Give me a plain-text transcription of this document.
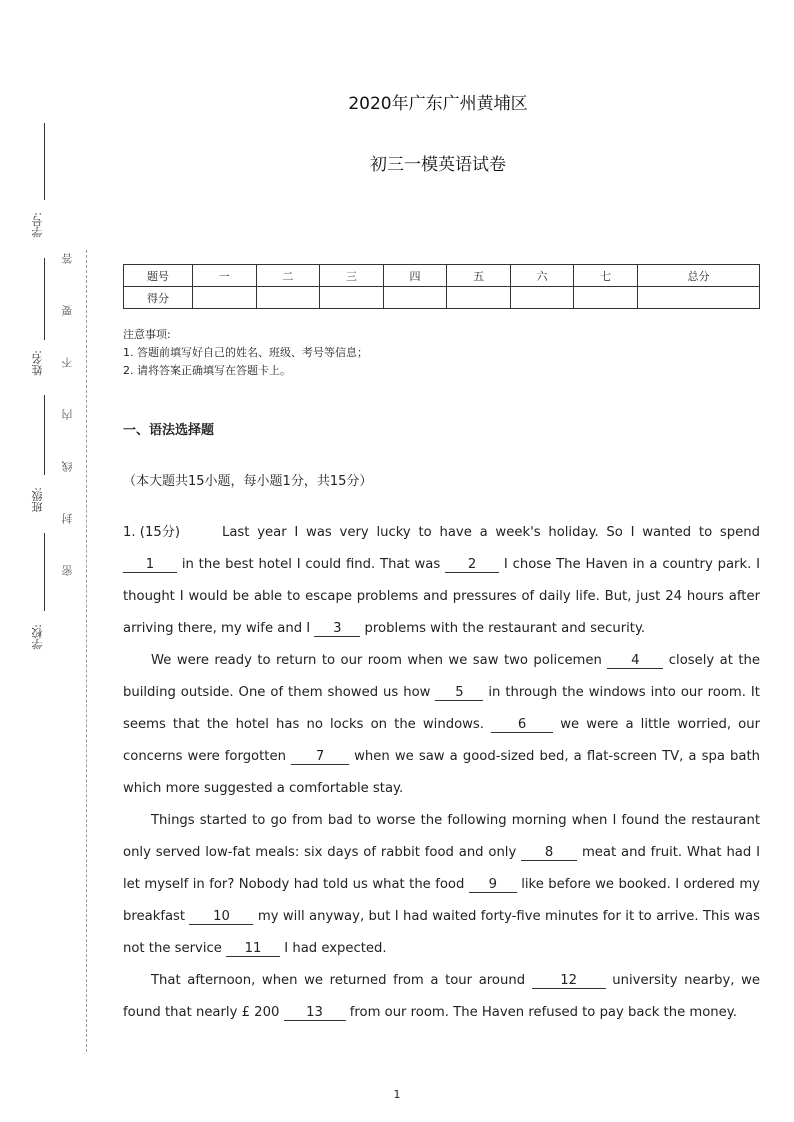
学号:
姓名:
班级:
学校:
答
要
不
内
线
封
密
2020年广东广州黄埔区
初三一模英语试卷
题号	一	二	三	四	五	六	七	总分
得分								
注意事项:
1. 答题前填写好自己的姓名、班级、考号等信息；
2. 请将答案正确填写在答题卡上。
一、语法选择题
（本大题共15小题，每小题1分，共15分）

1. (15分)	Last year I was very lucky to have a week's holiday. So I wanted to spend 1 in the best hotel I could find. That was 2 I chose The Haven in a country park. I thought I would be able to escape problems and pressures of daily life. But, just 24 hours after arriving there, my wife and I 3 problems with the restaurant and security.

We were ready to return to our room when we saw two policemen 4 closely at the building outside. One of them showed us how 5 in through the windows into our room. It seems that the hotel has no locks on the windows. 6 we were a little worried, our concerns were forgotten 7 when we saw a good-sized bed, a flat-screen TV, a spa bath which more suggested a comfortable stay.

Things started to go from bad to worse the following morning when I found the restaurant only served low-fat meals: six days of rabbit food and only 8 meat and fruit. What had I let myself in for? Nobody had told us what the food 9 like before we booked. I ordered my breakfast 10 my will anyway, but I had waited forty-five minutes for it to arrive. This was not the service 11 I had expected.

That afternoon, when we returned from a tour around 12 university nearby, we found that nearly £ 200 13 from our room. The Haven refused to pay back the money.

1
